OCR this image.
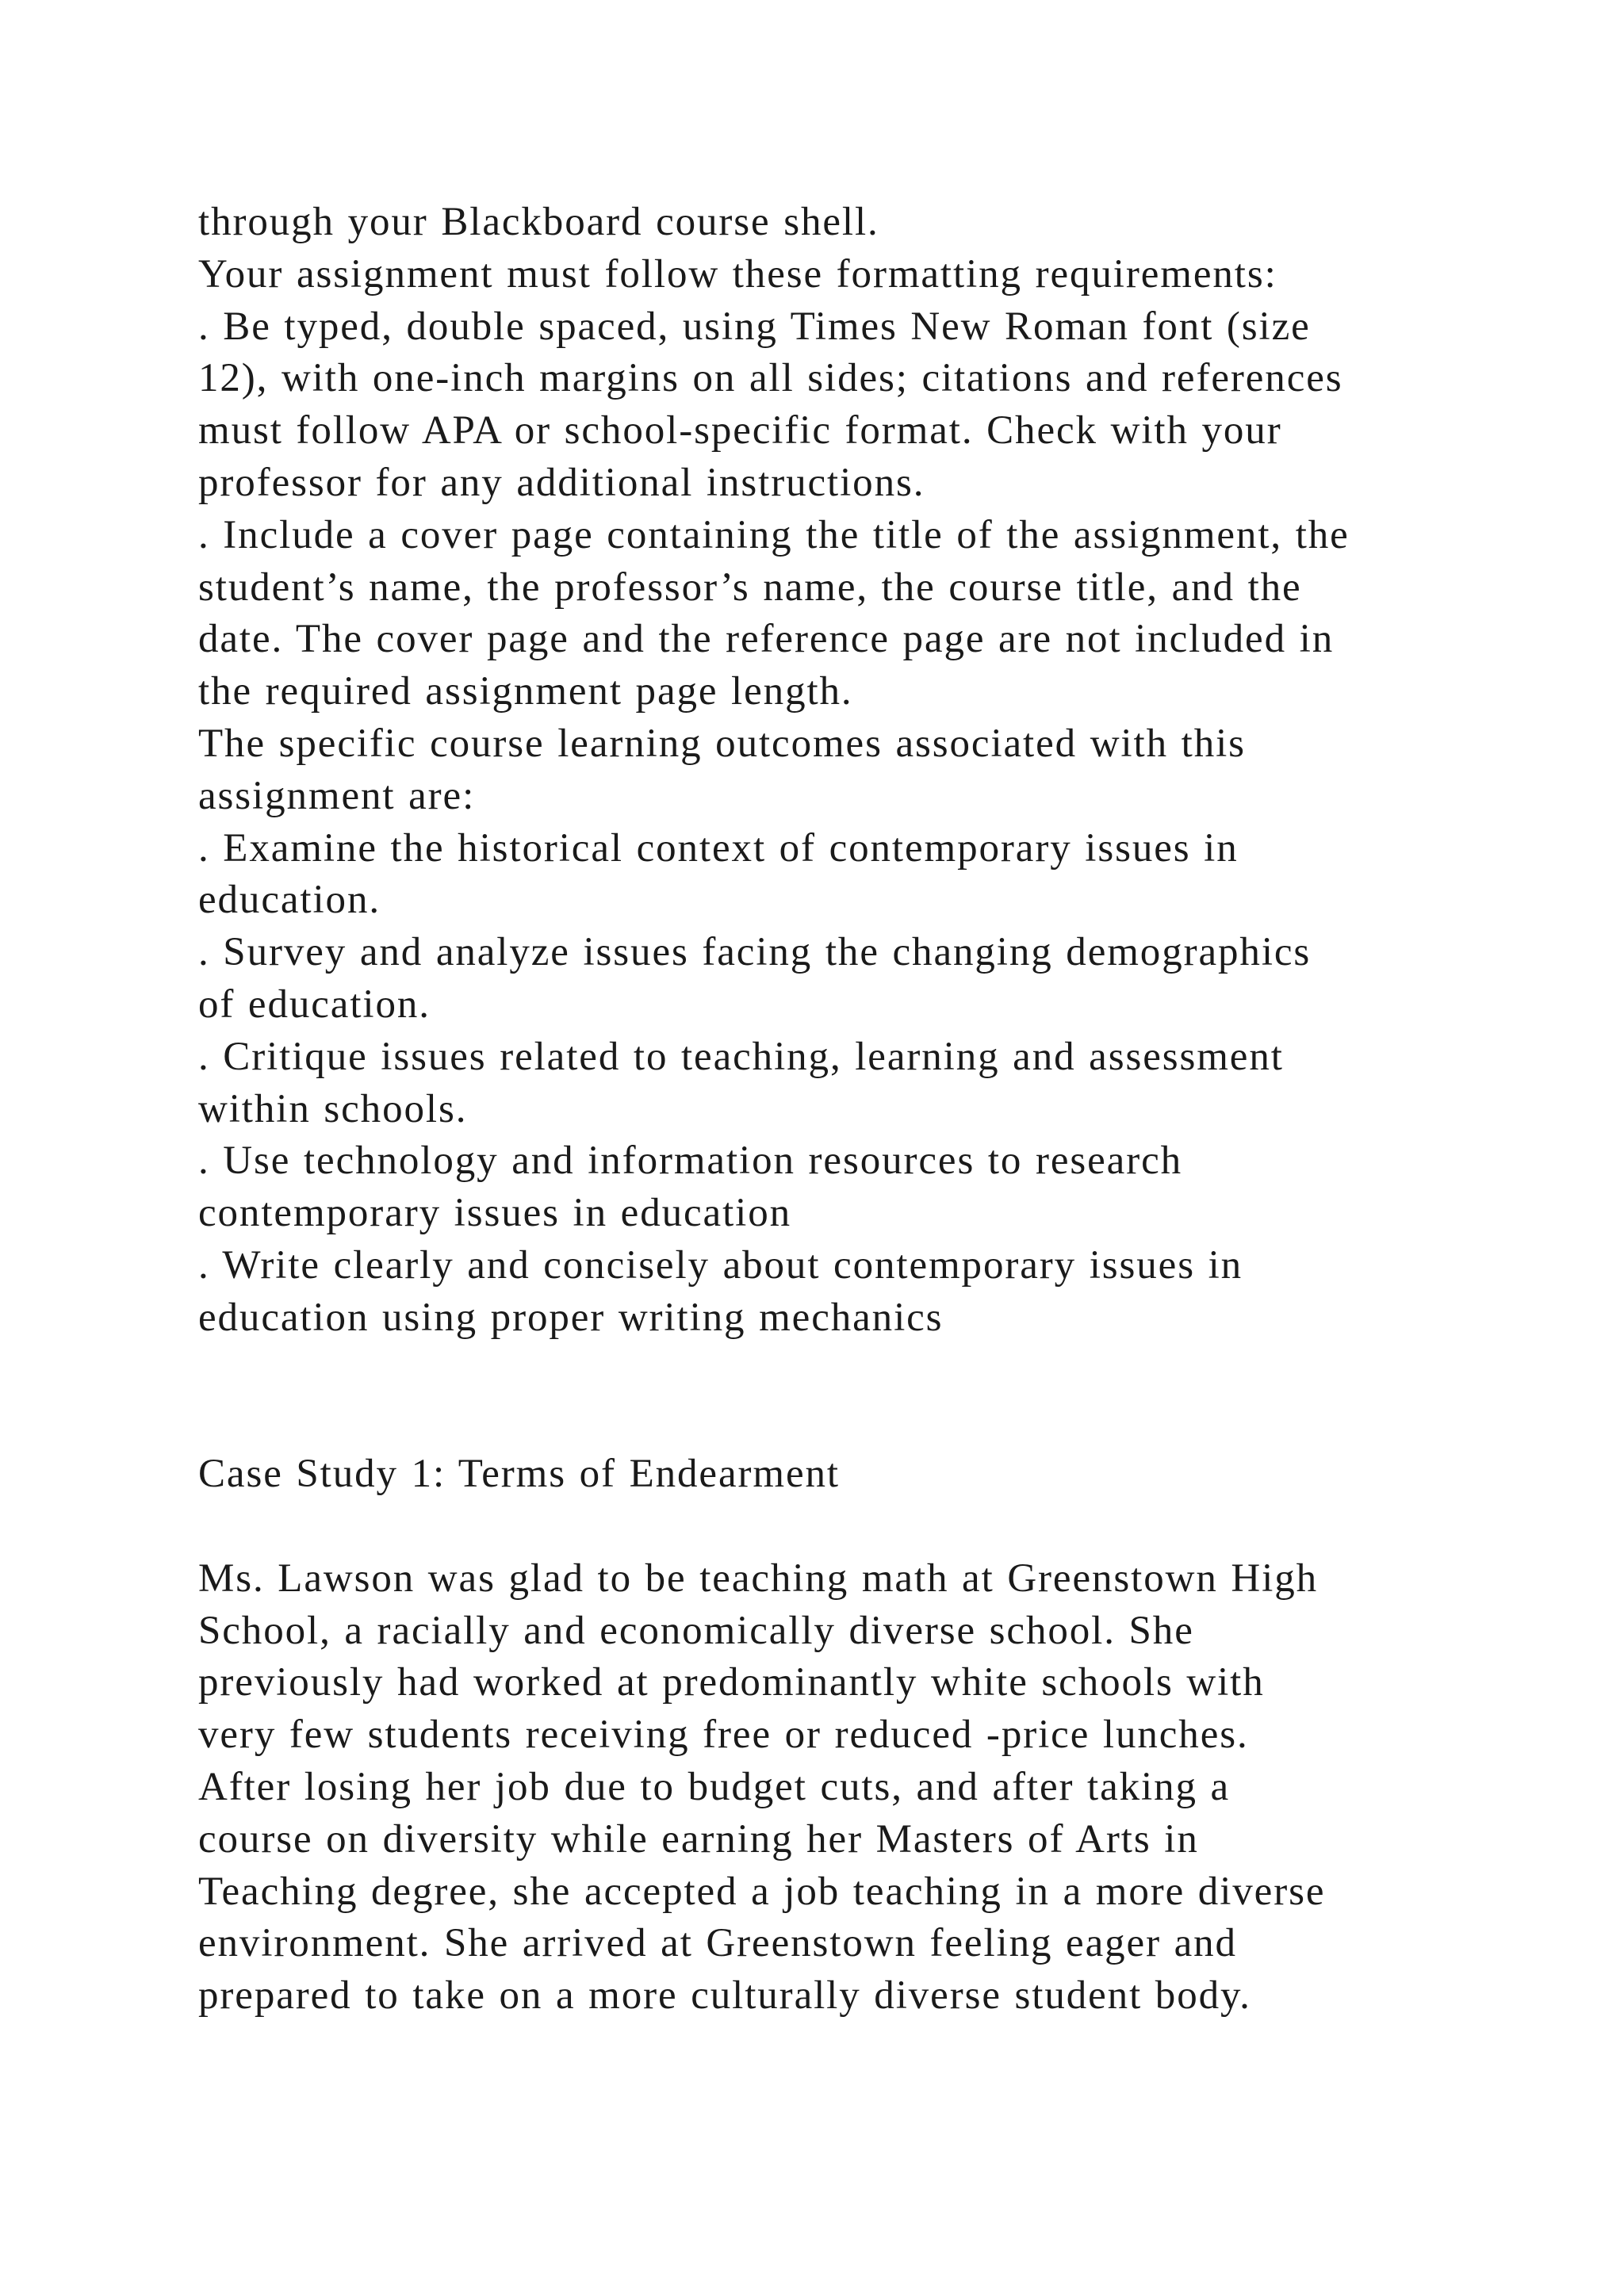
through your Blackboard course shell.
Your assignment must follow these formatting requirements:
. Be typed, double spaced, using Times New Roman font (size
12), with one-inch margins on all sides; citations and references
must follow APA or school-specific format. Check with your
professor for any additional instructions.
. Include a cover page containing the title of the assignment, the
student’s name, the professor’s name, the course title, and the
date. The cover page and the reference page are not included in
the required assignment page length.
The specific course learning outcomes associated with this
assignment are:
. Examine the historical context of contemporary issues in
education.
. Survey and analyze issues facing the changing demographics
of education.
. Critique issues related to teaching, learning and assessment
within schools.
. Use technology and information resources to research
contemporary issues in education
. Write clearly and concisely about contemporary issues in
education using proper writing mechanics
Case Study 1: Terms of Endearment
Ms. Lawson was glad to be teaching math at Greenstown High
School, a racially and economically diverse school. She
previously had worked at predominantly white schools with
very few students receiving free or reduced -price lunches.
After losing her job due to budget cuts, and after taking a
course on diversity while earning her Masters of Arts in
Teaching degree, she accepted a job teaching in a more diverse
environment. She arrived at Greenstown feeling eager and
prepared to take on a more culturally diverse student body.
